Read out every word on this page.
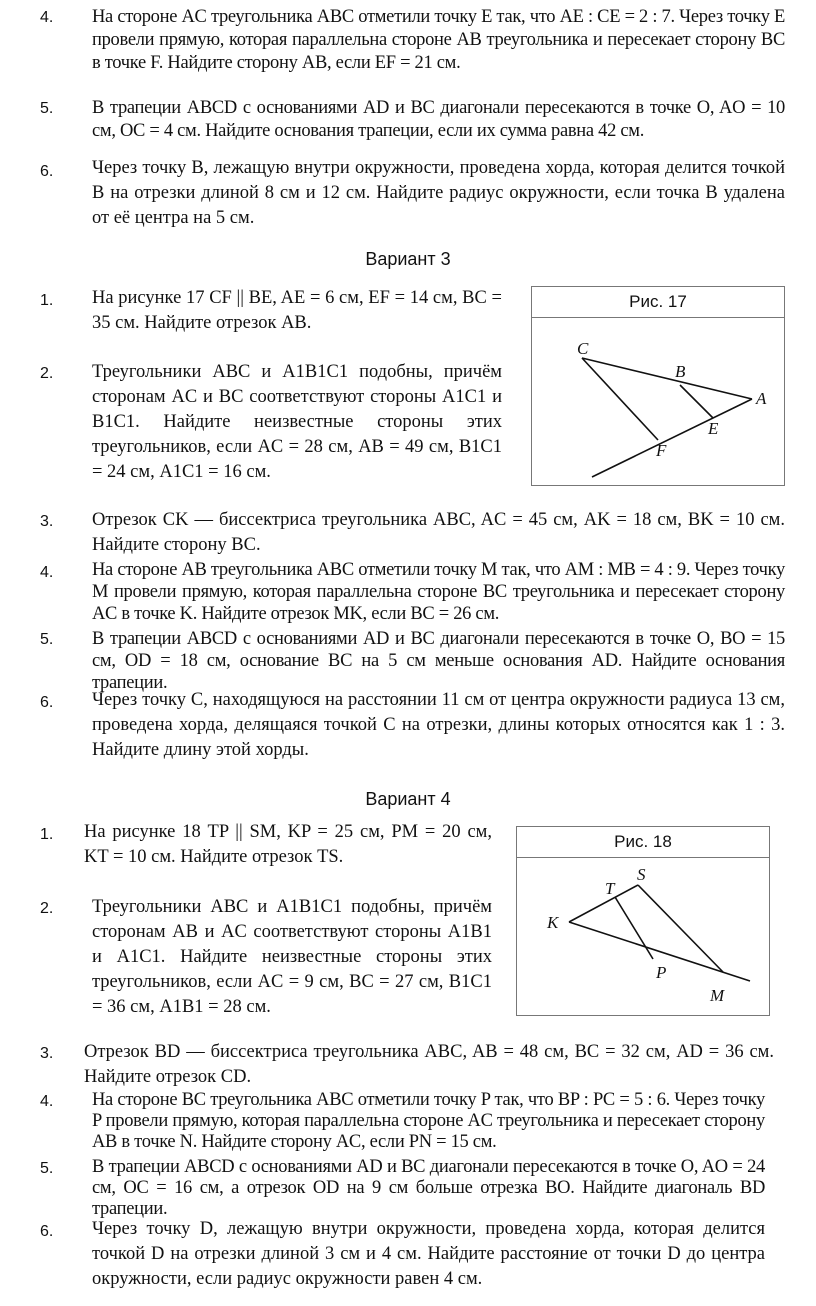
4. На стороне AC треугольника ABC отметили точку E так, что AE : CE = 2 : 7. Через точку E провели прямую, которая параллельна стороне AB треугольника и пересекает сторону BC в точке F. Найдите сторону AB, если EF = 21 см.
5. В трапеции ABCD с основаниями AD и BC диагонали пересекаются в точке O, AO = 10 см, OC = 4 см. Найдите основания трапеции, если их сумма равна 42 см.
6. Через точку B, лежащую внутри окружности, проведена хорда, которая делится точкой B на отрезки длиной 8 см и 12 см. Найдите радиус окружности, если точка B удалена от её центра на 5 см.
Вариант 3
Рис. 17
C
B
A
E
F
1. На рисунке 17 CF || BE, AE = 6 см, EF = 14 см, BC = 35 см. Найдите отрезок AB.
2. Треугольники ABC и A1B1C1 подобны, причём сторонам AC и BC соответствуют стороны A1C1 и B1C1. Найдите неизвестные стороны этих треугольников, если AC = 28 см, AB = 49 см, B1C1 = 24 см, A1C1 = 16 см.
3. Отрезок CK — биссектриса треугольника ABC, AC = 45 см, AK = 18 см, BK = 10 см. Найдите сторону BC.
4. На стороне AB треугольника ABC отметили точку M так, что AM : MB = 4 : 9. Через точку M провели прямую, которая параллельна стороне BC треугольника и пересекает сторону AC в точке K. Найдите отрезок MK, если BC = 26 см.
5. В трапеции ABCD с основаниями AD и BC диагонали пересекаются в точке O, BO = 15 см, OD = 18 см, основание BC на 5 см меньше основания AD. Найдите основания трапеции.
6. Через точку C, находящуюся на расстоянии 11 см от центра окружности радиуса 13 см, проведена хорда, делящаяся точкой C на отрезки, длины которых относятся как 1 : 3. Найдите длину этой хорды.
Вариант 4
Рис. 18
S
T
K
P
M
1. На рисунке 18 TP || SM, KP = 25 см, PM = 20 см, KT = 10 см. Найдите отрезок TS.
2. Треугольники ABC и A1B1C1 подобны, причём сторонам AB и AC соответствуют стороны A1B1 и A1C1. Найдите неизвестные стороны этих треугольников, если AC = 9 см, BC = 27 см, B1C1 = 36 см, A1B1 = 28 см.
3. Отрезок BD — биссектриса треугольника ABC, AB = 48 см, BC = 32 см, AD = 36 см. Найдите отрезок CD.
4. На стороне BC треугольника ABC отметили точку P так, что BP : PC = 5 : 6. Через точку P провели прямую, которая параллельна стороне AC треугольника и пересекает сторону AB в точке N. Найдите сторону AC, если PN = 15 см.
5. В трапеции ABCD с основаниями AD и BC диагонали пересекаются в точке O, AO = 24 см, OC = 16 см, а отрезок OD на 9 см больше отрезка BO. Найдите диагональ BD трапеции.
6. Через точку D, лежащую внутри окружности, проведена хорда, которая делится точкой D на отрезки длиной 3 см и 4 см. Найдите расстояние от точки D до центра окружности, если радиус окружности равен 4 см.
